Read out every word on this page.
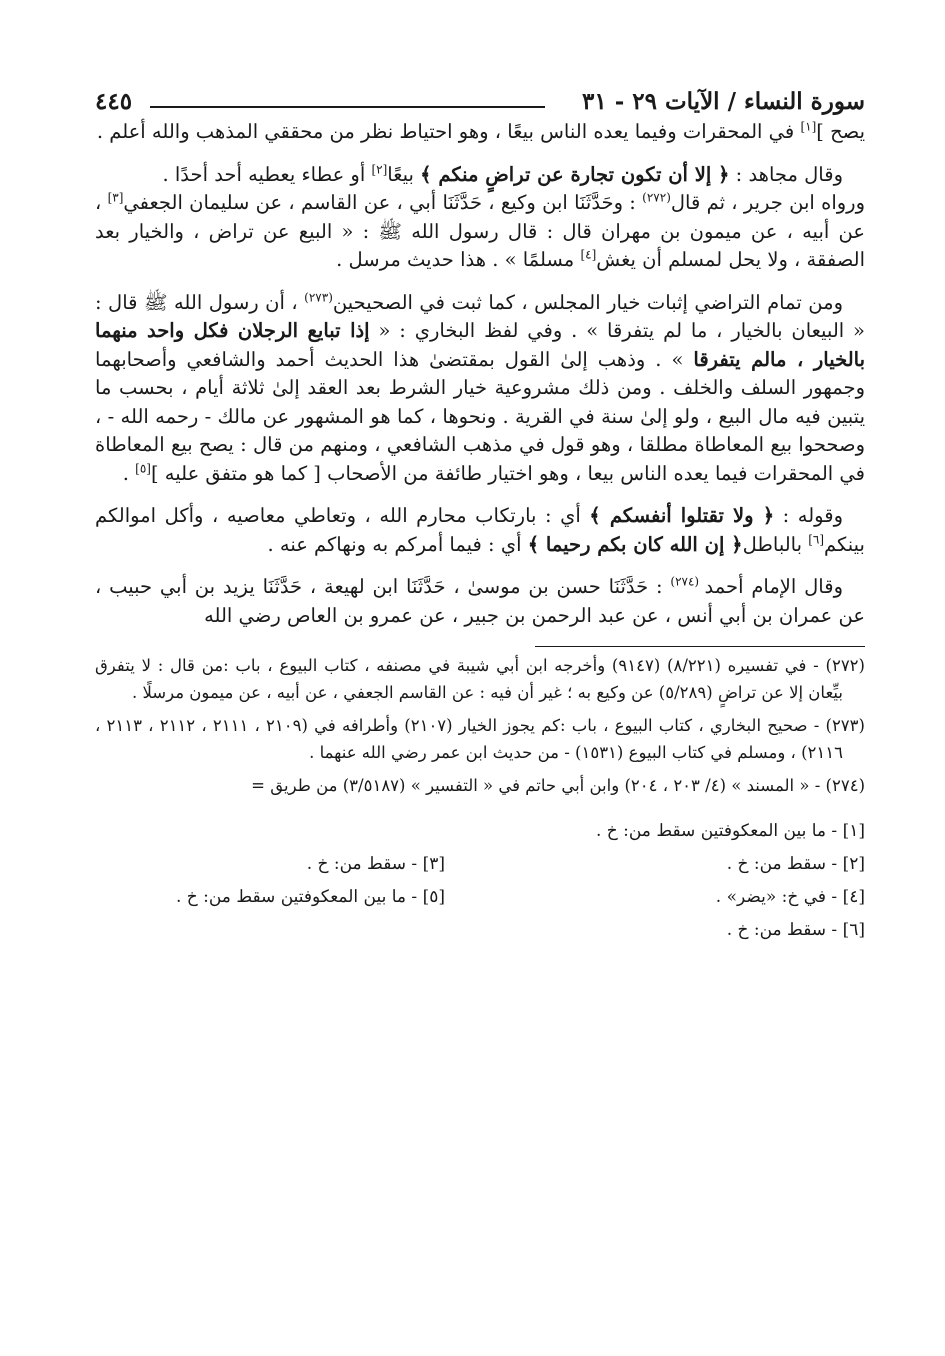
سورة النساء / الآيات ٢٩ - ٣١
٤٤٥

يصح ][١] في المحقرات وفيما يعده الناس بيعًا ، وهو احتياط نظر من محققي المذهب والله أعلم .

وقال مجاهد : ﴿ إلا أن تكون تجارة عن تراضٍ منكم ﴾ بيعًا[٢] أو عطاء يعطيه أحد أحدًا .

ورواه ابن جرير ، ثم قال$^{(٢٧٢)}$ : وحَدَّثَنَا ابن وكيع ، حَدَّثَنَا أبي ، عن القاسم ، عن سليمان الجعفي[٣] ، عن أبيه ، عن ميمون بن مهران قال : قال رسول الله ﷺ : « البيع عن تراض ، والخيار بعد الصفقة ، ولا يحل لمسلم أن يغش[٤] مسلمًا » . هذا حديث مرسل .

ومن تمام التراضي إثبات خيار المجلس ، كما ثبت في الصحيحين$^{(٢٧٣)}$ ، أن رسول الله ﷺ قال : « البيعان بالخيار ، ما لم يتفرقا » . وفي لفظ البخاري : « إذا تبايع الرجلان فكل واحد منهما بالخيار ، مالم يتفرقا » . وذهب إلىٰ القول بمقتضىٰ هذا الحديث أحمد والشافعي وأصحابهما وجمهور السلف والخلف . ومن ذلك مشروعية خيار الشرط بعد العقد إلىٰ ثلاثة أيام ، بحسب ما يتبين فيه مال البيع ، ولو إلىٰ سنة في القرية . ونحوها ، كما هو المشهور عن مالك - رحمه الله - ، وصححوا بيع المعاطاة مطلقا ، وهو قول في مذهب الشافعي ، ومنهم من قال : يصح بيع المعاطاة في المحقرات فيما يعده الناس بيعا ، وهو اختيار طائفة من الأصحاب [ كما هو متفق عليه ][٥] .

وقوله : ﴿ ولا تقتلوا أنفسكم ﴾ أي : بارتكاب محارم الله ، وتعاطي معاصيه ، وأكل اموالكم بينكم[٦] بالباطل﴿ إن الله كان بكم رحيما ﴾ أي : فيما أمركم به ونهاكم عنه .

وقال الإمام أحمد $^{(٢٧٤)}$ : حَدَّثَنَا حسن بن موسىٰ ، حَدَّثَنَا ابن لهيعة ، حَدَّثَنَا يزيد بن أبي حبيب ، عن عمران بن أبي أنس ، عن عبد الرحمن بن جبير ، عن عمرو بن العاص رضي الله

(٢٧٢) - في تفسيره (٨/٢٢١) (٩١٤٧) وأخرجه ابن أبي شيبة في مصنفه ، كتاب البيوع ، باب :من قال : لا يتفرق بيِّعان إلا عن تراضٍ (٥/٢٨٩) عن وكيع به ؛ غير أن فيه : عن القاسم الجعفي ، عن أبيه ، عن ميمون مرسلًا .

(٢٧٣) - صحيح البخاري ، كتاب البيوع ، باب :كم يجوز الخيار (٢١٠٧) وأطرافه في (٢١٠٩ ، ٢١١١ ، ٢١١٢ ، ٢١١٣ ، ٢١١٦) ، ومسلم في كتاب البيوع (١٥٣١) - من حديث ابن عمر رضي الله عنهما .

(٢٧٤) - « المسند » (٤/ ٢٠٣ ، ٢٠٤) وابن أبي حاتم في « التفسير » (٣/٥١٨٧) من طريق =

[١] - ما بين المعكوفتين سقط من: خ .
[٢] - سقط من: خ .
[٣] - سقط من: خ .
[٤] - في خ: «يضر» .
[٥] - ما بين المعكوفتين سقط من: خ .
[٦] - سقط من: خ .
